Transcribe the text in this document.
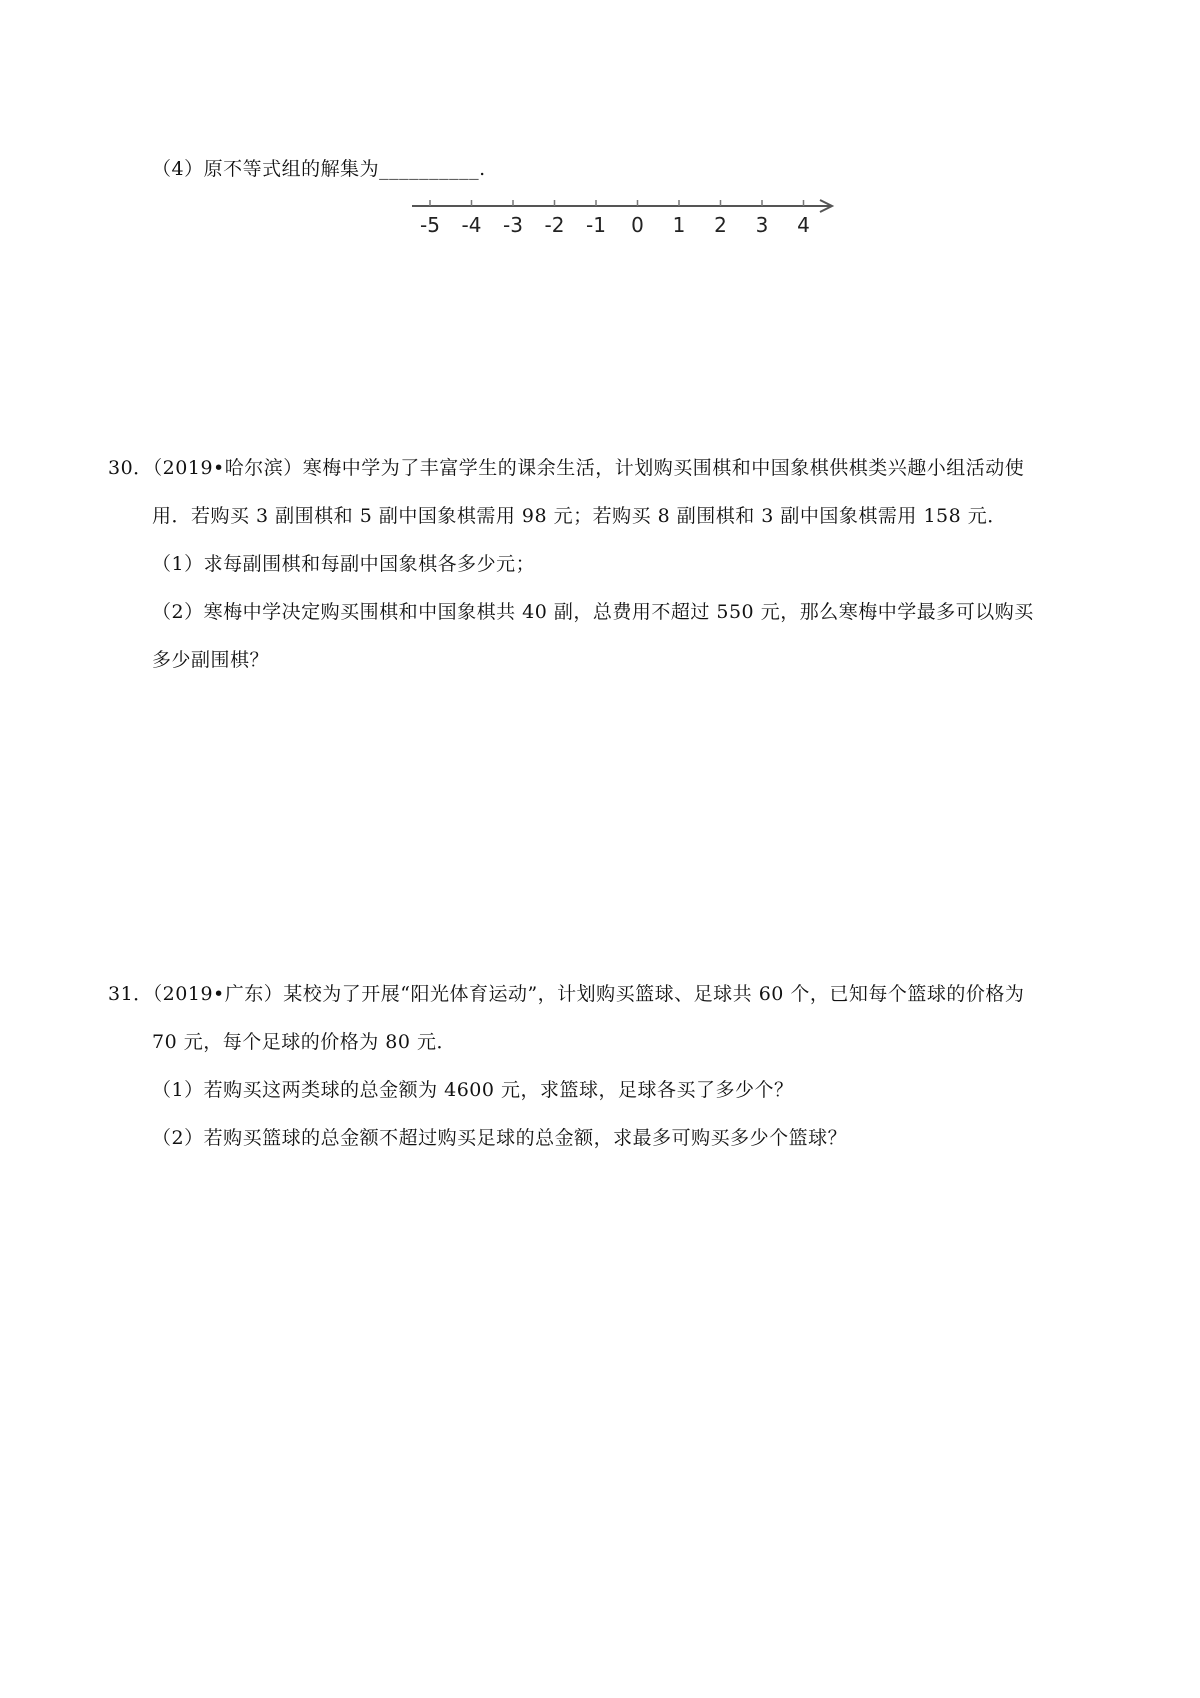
（4）原不等式组的解集为__________.
-5 -4 -3 -2 -1 0 1 2 3 4
30．（2019•哈尔滨）寒梅中学为了丰富学生的课余生活，计划购买围棋和中国象棋供棋类兴趣小组活动使
用．若购买 3 副围棋和 5 副中国象棋需用 98 元；若购买 8 副围棋和 3 副中国象棋需用 158 元．
（1）求每副围棋和每副中国象棋各多少元；
（2）寒梅中学决定购买围棋和中国象棋共 40 副，总费用不超过 550 元，那么寒梅中学最多可以购买
多少副围棋？
31．（2019•广东）某校为了开展“阳光体育运动”，计划购买篮球、足球共 60 个，已知每个篮球的价格为
70 元，每个足球的价格为 80 元．
（1）若购买这两类球的总金额为 4600 元，求篮球，足球各买了多少个？
（2）若购买篮球的总金额不超过购买足球的总金额，求最多可购买多少个篮球？
